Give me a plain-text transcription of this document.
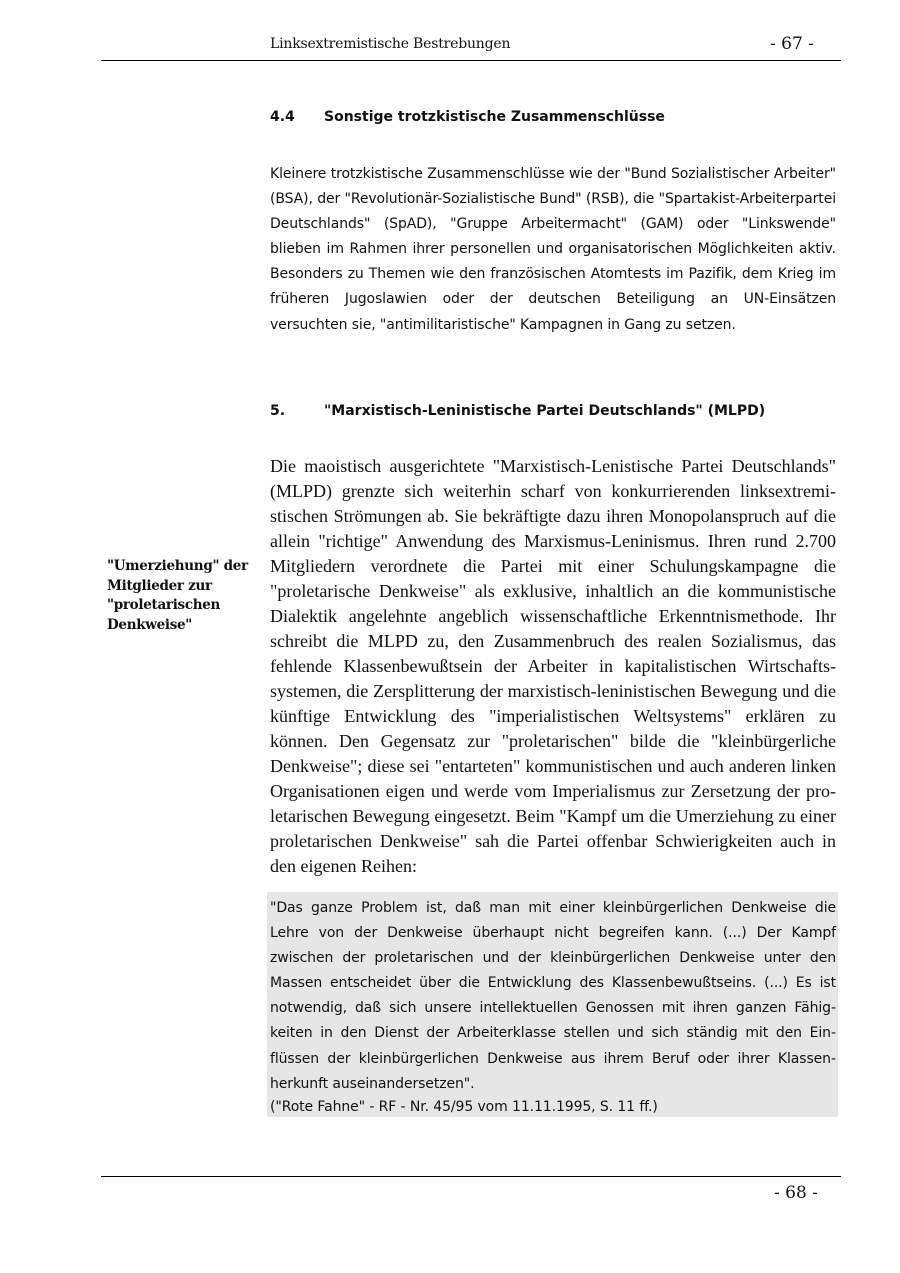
Linksextremistische Bestrebungen	- 67 -
4.4	Sonstige trotzkistische Zusammenschlüsse
Kleinere trotzkistische Zusammenschlüsse wie der "Bund Sozialistischer Arbeiter" (BSA), der "Revolutionär-Sozialistische Bund" (RSB), die "Spartakist-Arbeiterpartei Deutschlands" (SpAD), "Gruppe Arbeitermacht" (GAM) oder "Linkswende" blieben im Rahmen ihrer personellen und organisatorischen Möglichkeiten aktiv. Besonders zu Themen wie den französischen Atomtests im Pazifik, dem Krieg im früheren Jugoslawien oder der deutschen Beteiligung an UN-Einsätzen versuchten sie, "antimilitaristische" Kampagnen in Gang zu setzen.
5.	"Marxistisch-Leninistische Partei Deutschlands" (MLPD)
Die maoistisch ausgerichtete "Marxistisch-Lenistische Partei Deutschlands" (MLPD) grenzte sich weiterhin scharf von konkurrierenden linksextremistischen Strömungen ab. Sie bekräftigte dazu ihren Monopolanspruch auf die allein "richtige" Anwendung des Marxismus-Leninismus. Ihren rund 2.700 Mitgliedern verordnete die Partei mit einer Schulungskampagne die "proletarische Denkweise" als exklusive, inhaltlich an die kommunistische Dialektik angelehnte angeblich wissenschaftliche Erkenntnismethode. Ihr schreibt die MLPD zu, den Zusammenbruch des realen Sozialismus, das fehlende Klassenbewußtsein der Arbeiter in kapitalistischen Wirtschaftssystemen, die Zersplitterung der marxistisch-leninistischen Bewegung und die künftige Entwicklung des "imperialistischen Weltsystems" erklären zu können. Den Gegensatz zur "proletarischen" bilde die "kleinbürgerliche Denkweise"; diese sei "entarteten" kommunistischen und auch anderen linken Organisationen eigen und werde vom Imperialismus zur Zersetzung der proletarischen Bewegung eingesetzt. Beim "Kampf um die Umerziehung zu einer proletarischen Denkweise" sah die Partei offenbar Schwierigkeiten auch in den eigenen Reihen:
"Umerziehung" der Mitglieder zur "proletarischen Denkweise"
"Das ganze Problem ist, daß man mit einer kleinbürgerlichen Denkweise die Lehre von der Denkweise überhaupt nicht begreifen kann. (...) Der Kampf zwischen der proletarischen und der kleinbürgerlichen Denkweise unter den Massen entscheidet über die Entwicklung des Klassenbewußtseins. (...) Es ist notwendig, daß sich unsere intellektuellen Genossen mit ihren ganzen Fähigkeiten in den Dienst der Arbeiterklasse stellen und sich ständig mit den Einflüssen der kleinbürgerlichen Denkweise aus ihrem Beruf oder ihrer Klassenherkunft auseinandersetzen".
("Rote Fahne" - RF - Nr. 45/95 vom 11.11.1995, S. 11 ff.)
- 68 -
